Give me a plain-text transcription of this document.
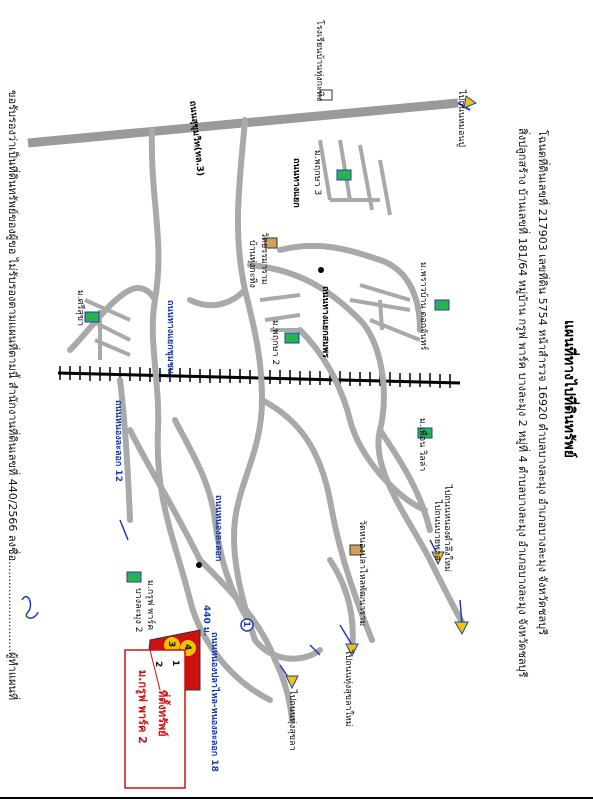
แผนที่ทางไปที่ดินทรัพย์
โฉนดที่ดินเลขที่ 217903 เลขที่ดิน 5754 หน้าสำรวจ 16920 ตำบลบางละมุง อำเภอบางละมุง จังหวัดชลบุรี
สิ่งปลูกสร้าง บ้านเลขที่ 181/64 หมู่บ้าน กรูฟ พาร์ค บางละมุง 2 หมู่ที่ 4 ตำบลบางละมุง อำเภอบางละมุง จังหวัดชลบุรี
ขอรับรองว่าเป็นที่ดินทรัพย์ของผู้ขอ ไม่รับรองตามแผนที่ตามนี้ สำนักงานที่ดินเลขที่ 440/2566 ลงชื่อ..........................ผู้ทำแผนที่	ถนนสุขุมวิท(ทล.3)
ถนนทางแยก
ถนนทางแยกสมพร
ถนนทางแยกชุมชน
ถนนหนองละลอก 12
ถนนหนองละลอก
ถนนหนองปลาไหล-หนองละลอก 18
ไปถนนหมอนปู่
ไปถนนหนองตำลึงใหม่
ไปถนนบายพาส
ไปถนนทุ่งสุขลาใหม่
ไปถนนทุ่งสุขลา
โรงเรียนบ้านทุ่งกะทิง
ม.พฤกษา 3
วัดธรรมาราม
บ้านทุ่งกะทิง
ม.พฤกษา 2	ม.พราวบ้าน ดอกจันทร์
ม.เพื่อน วิลล่า
วัดหนองปลาไหลพัฒนาราม
ม.ศรีสุขา
ม.กรูฟ พาร์ค
บางละมุง 2	440 ม.	1
1
2
3 4
ที่ตั้งทรัพย์
ม.กรูฟ พาร์ค 2
